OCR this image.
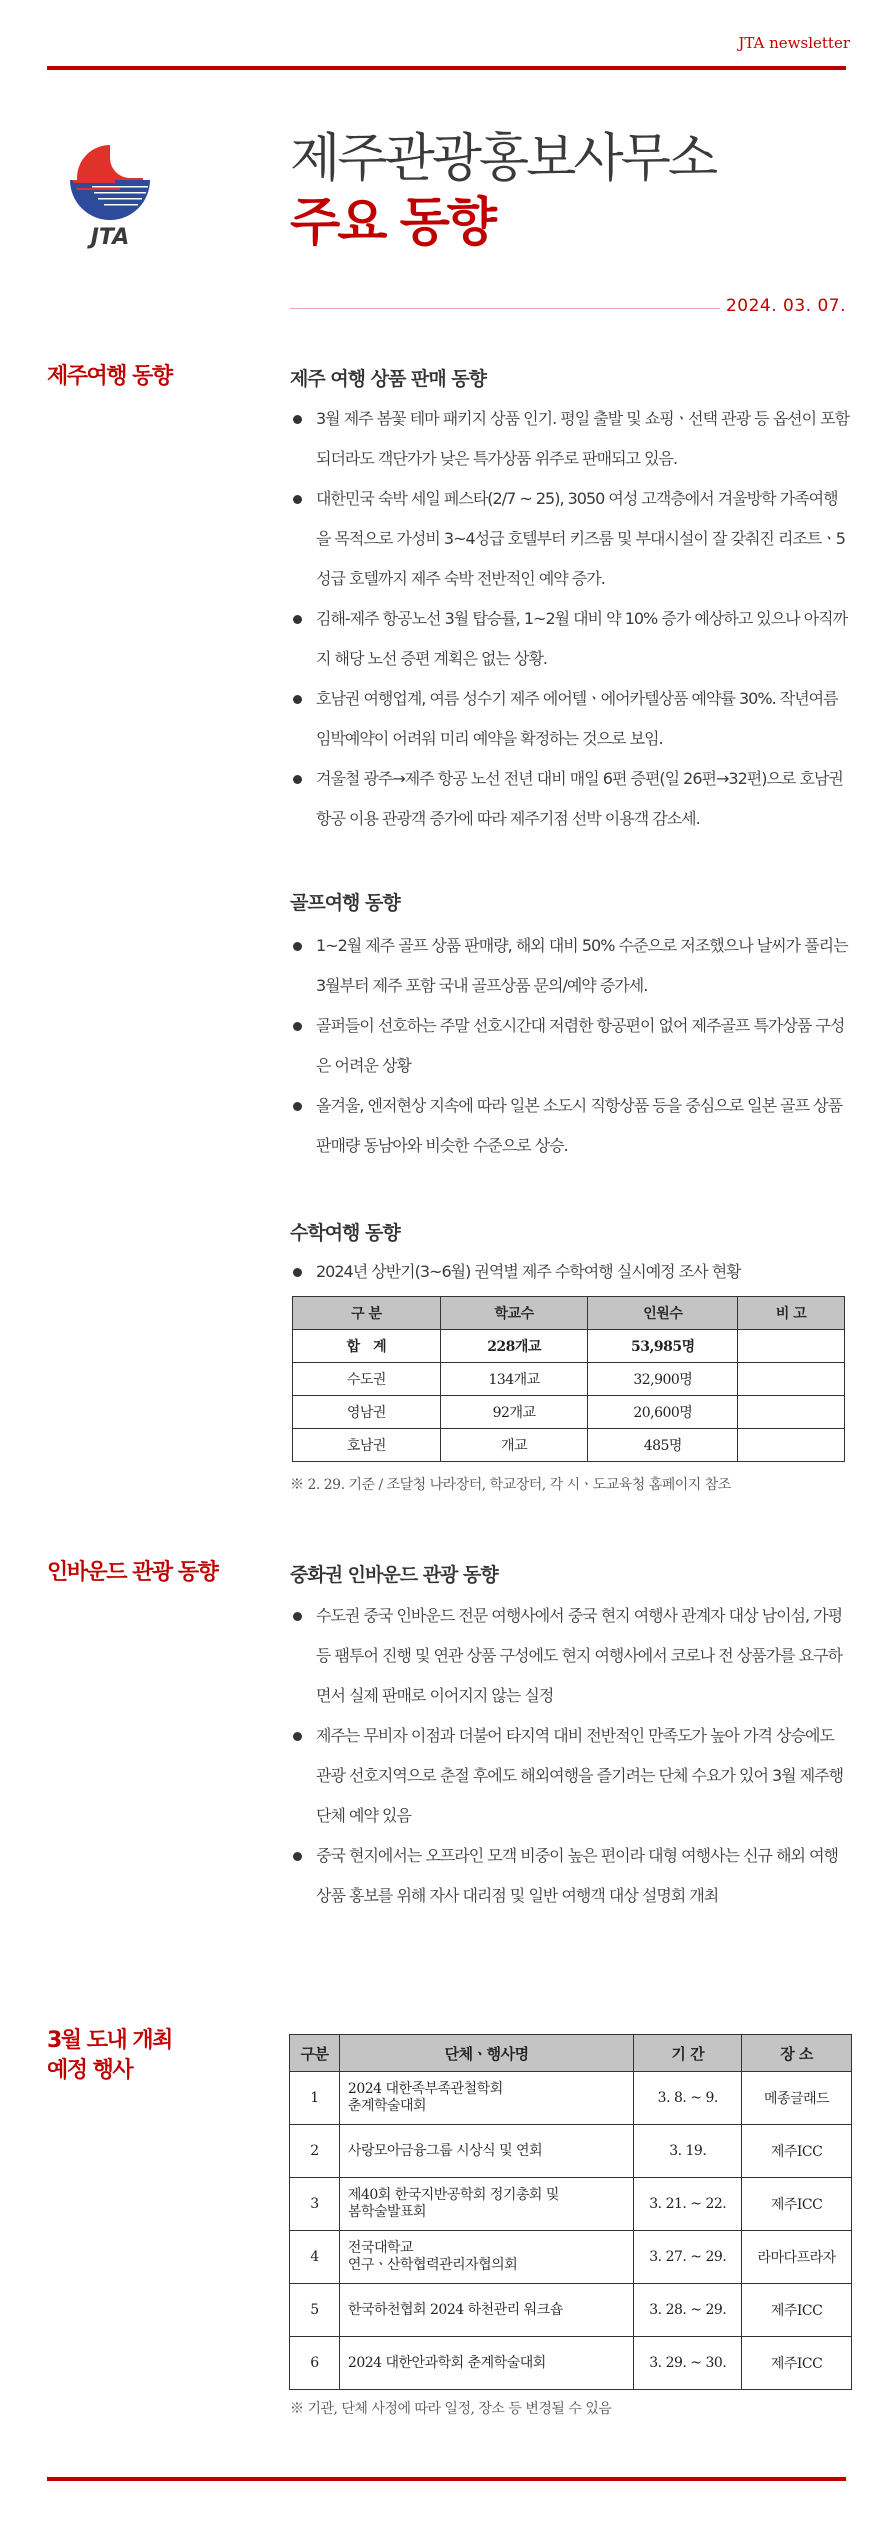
JTA newsletter
JTA
제주관광홍보사무소
주요 동향
2024. 03. 07.
제주여행 동향	제주 여행 상품 판매 동향
3월 제주 봄꽃 테마 패키지 상품 인기. 평일 출발 및 쇼핑ㆍ선택 관광 등 옵션이 포함되더라도 객단가가 낮은 특가상품 위주로 판매되고 있음.
대한민국 숙박 세일 페스타(2/7 ~ 25), 3050 여성 고객층에서 겨울방학 가족여행을 목적으로 가성비 3~4성급 호텔부터 키즈룸 및 부대시설이 잘 갖춰진 리조트ㆍ5성급 호텔까지 제주 숙박 전반적인 예약 증가.
김해-제주 항공노선 3월 탑승률, 1~2월 대비 약 10% 증가 예상하고 있으나 아직까지 해당 노선 증편 계획은 없는 상황.
호남권 여행업계, 여름 성수기 제주 에어텔ㆍ에어카텔상품 예약률 30%. 작년여름 임박예약이 어려워 미리 예약을 확정하는 것으로 보임.
겨울철 광주→제주 항공 노선 전년 대비 매일 6편 증편(일 26편→32편)으로 호남권 항공 이용 관광객 증가에 따라 제주기점 선박 이용객 감소세.
골프여행 동향
1~2월 제주 골프 상품 판매량, 해외 대비 50% 수준으로 저조했으나 날씨가 풀리는 3월부터 제주 포함 국내 골프상품 문의/예약 증가세.
골퍼들이 선호하는 주말 선호시간대 저렴한 항공편이 없어 제주골프 특가상품 구성은 어려운 상황
올겨울, 엔저현상 지속에 따라 일본 소도시 직항상품 등을 중심으로 일본 골프 상품 판매량 동남아와 비슷한 수준으로 상승.
수학여행 동향
2024년 상반기(3~6월) 권역별 제주 수학여행 실시예정 조사 현황
구 분	학교수	인원수	비 고
합　계	228개교	53,985명	
수도권	134개교	32,900명	
영남권	92개교	20,600명	
호남권	개교	485명	
※ 2. 29. 기준 / 조달청 나라장터, 학교장터, 각 시ㆍ도교육청 홈페이지 참조
인바운드 관광 동향	중화권 인바운드 관광 동향
수도권 중국 인바운드 전문 여행사에서 중국 현지 여행사 관계자 대상 남이섬, 가평 등 팸투어 진행 및 연관 상품 구성에도 현지 여행사에서 코로나 전 상품가를 요구하면서 실제 판매로 이어지지 않는 실정
제주는 무비자 이점과 더불어 타지역 대비 전반적인 만족도가 높아 가격 상승에도 관광 선호지역으로 춘절 후에도 해외여행을 즐기려는 단체 수요가 있어 3월 제주행 단체 예약 있음
중국 현지에서는 오프라인 모객 비중이 높은 편이라 대형 여행사는 신규 해외 여행 상품 홍보를 위해 자사 대리점 및 일반 여행객 대상 설명회 개최
3월 도내 개최
예정 행사
구분	단체ㆍ행사명	기 간	장 소
1	2024 대한족부족관철학회
춘계학술대회	3. 8. ~ 9.	메종글래드
2	사랑모아금융그룹 시상식 및 연회	3. 19.	제주ICC
3	제40회 한국지반공학회 정기총회 및
봄학술발표회	3. 21. ~ 22.	제주ICC
4	전국대학교
연구ㆍ산학협력관리자협의회	3. 27. ~ 29.	라마다프라자
5	한국하천협회 2024 하천관리 워크숍	3. 28. ~ 29.	제주ICC
6	2024 대한안과학회 춘계학술대회	3. 29. ~ 30.	제주ICC
※ 기관, 단체 사정에 따라 일정, 장소 등 변경될 수 있음
